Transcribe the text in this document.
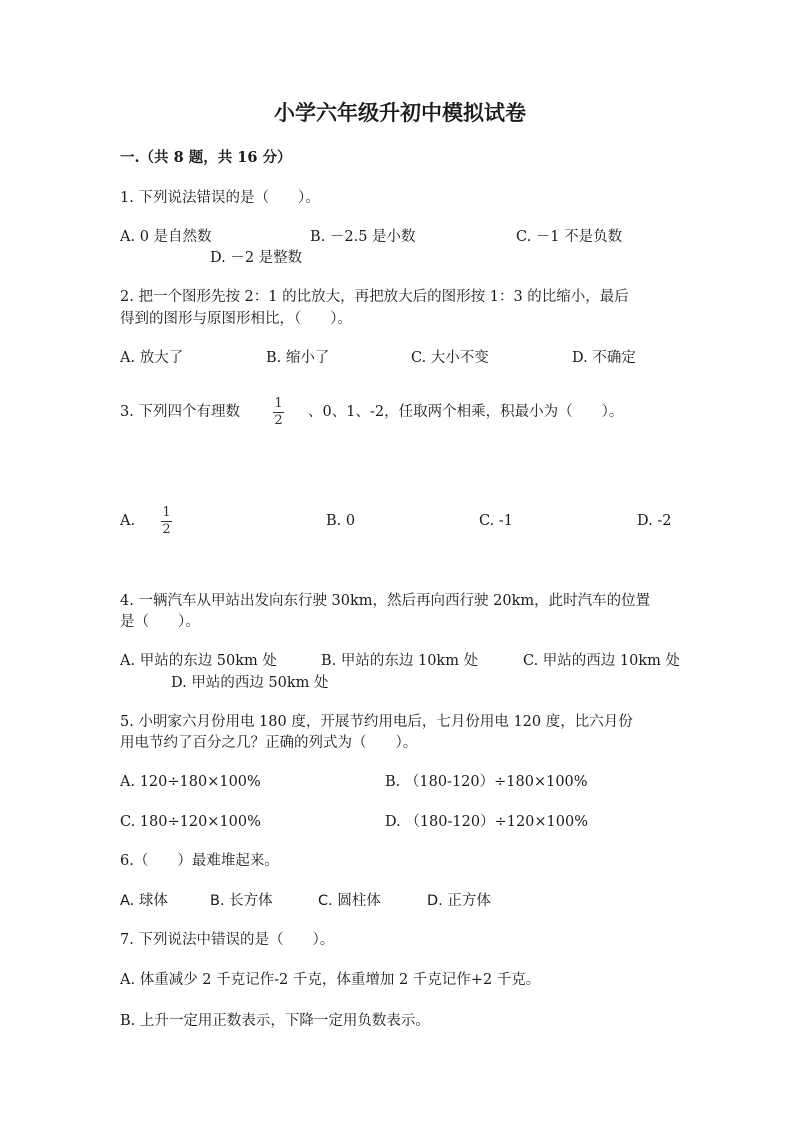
小学六年级升初中模拟试卷
一.（共 8 题，共 16 分）
1. 下列说法错误的是（　　）。
A. 0 是自然数	B. －2.5 是小数	C. －1 不是负数
D. －2 是整数
2. 把一个图形先按 2：1 的比放大，再把放大后的图形按 1：3 的比缩小，最后
得到的图形与原图形相比，（　　）。
A. 放大了	B. 缩小了	C. 大小不变	D. 不确定
3. 下列四个有理数
1
2
、0、1、-2，任取两个相乘，积最小为（　　）。
A.
1
2
B. 0	C. -1	D. -2
4. 一辆汽车从甲站出发向东行驶 30km，然后再向西行驶 20km，此时汽车的位置
是（　　）。
A. 甲站的东边 50km 处	B. 甲站的东边 10km 处	C. 甲站的西边 10km 处
D. 甲站的西边 50km 处
5. 小明家六月份用电 180 度，开展节约用电后，七月份用电 120 度，比六月份
用电节约了百分之几？正确的列式为（　　）。
A. 120÷180×100%	B. （180-120）÷180×100%
C. 180÷120×100%	D. （180-120）÷120×100%
6.（　　）最难堆起来。
A. 球体	B. 长方体	C. 圆柱体	D. 正方体
7. 下列说法中错误的是（　　）。
A. 体重减少 2 千克记作-2 千克，体重增加 2 千克记作+2 千克。
B. 上升一定用正数表示，下降一定用负数表示。
